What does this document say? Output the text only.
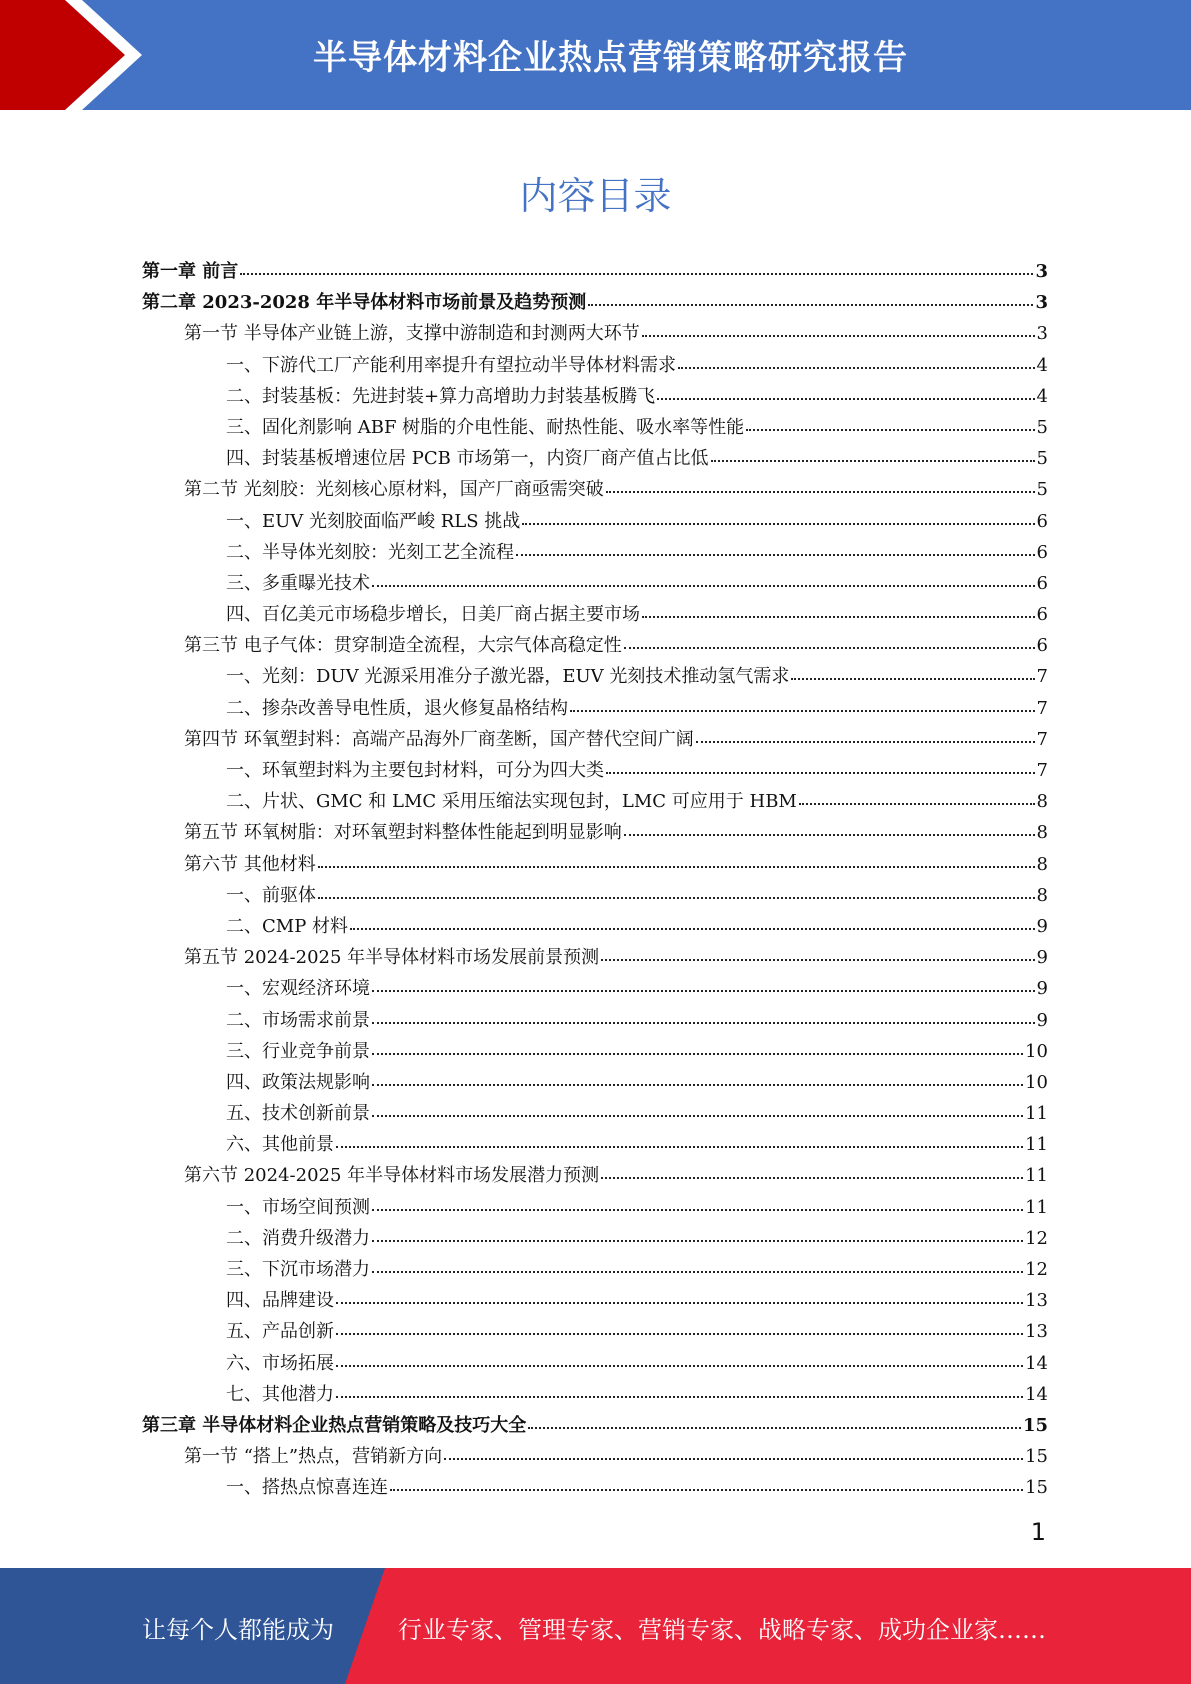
半导体材料企业热点营销策略研究报告
内容目录
第一章 前言	3
第二章 2023-2028 年半导体材料市场前景及趋势预测	3
第一节 半导体产业链上游，支撑中游制造和封测两大环节	3
一、下游代工厂产能利用率提升有望拉动半导体材料需求	4
二、封装基板：先进封装+算力高增助力封装基板腾飞	4
三、固化剂影响 ABF 树脂的介电性能、耐热性能、吸水率等性能	5
四、封装基板增速位居 PCB 市场第一，内资厂商产值占比低	5
第二节 光刻胶：光刻核心原材料，国产厂商亟需突破	5
一、EUV 光刻胶面临严峻 RLS 挑战	6
二、半导体光刻胶：光刻工艺全流程	6
三、多重曝光技术	6
四、百亿美元市场稳步增长，日美厂商占据主要市场	6
第三节 电子气体：贯穿制造全流程，大宗气体高稳定性	6
一、光刻：DUV 光源采用准分子激光器，EUV 光刻技术推动氢气需求	7
二、掺杂改善导电性质，退火修复晶格结构	7
第四节 环氧塑封料：高端产品海外厂商垄断，国产替代空间广阔	7
一、环氧塑封料为主要包封材料，可分为四大类	7
二、片状、GMC 和 LMC 采用压缩法实现包封，LMC 可应用于 HBM	8
第五节 环氧树脂：对环氧塑封料整体性能起到明显影响	8
第六节 其他材料	8
一、前驱体	8
二、CMP 材料	9
第五节 2024-2025 年半导体材料市场发展前景预测	9
一、宏观经济环境	9
二、市场需求前景	9
三、行业竞争前景	10
四、政策法规影响	10
五、技术创新前景	11
六、其他前景	11
第六节 2024-2025 年半导体材料市场发展潜力预测	11
一、市场空间预测	11
二、消费升级潜力	12
三、下沉市场潜力	12
四、品牌建设	13
五、产品创新	13
六、市场拓展	14
七、其他潜力	14
第三章 半导体材料企业热点营销策略及技巧大全	15
第一节 “搭上”热点，营销新方向	15
一、搭热点惊喜连连	15
1
让每个人都能成为	行业专家、管理专家、营销专家、战略专家、成功企业家……
